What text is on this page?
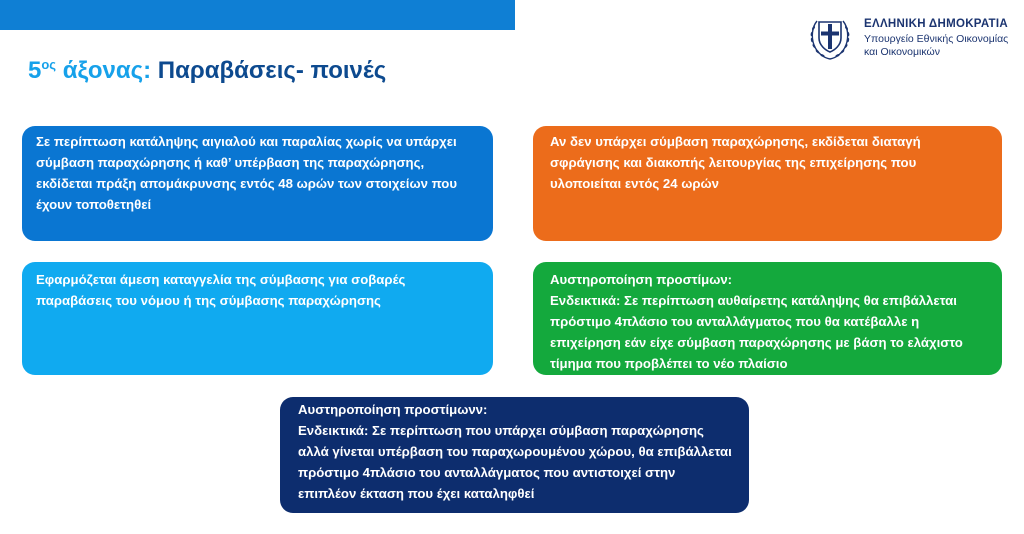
$5^{o\varsigma}$ άξονας: Παραβάσεις- ποινές
ΕΛΛΗΝΙΚΗ ΔΗΜΟΚΡΑΤΙΑ
Υπουργείο Εθνικής Οικονομίας και Οικονομικών

Σε περίπτωση κατάληψης αιγιαλού και παραλίας χωρίς να υπάρχει σύμβαση παραχώρησης ή καθ’ υπέρβαση της παραχώρησης, εκδίδεται πράξη απομάκρυνσης εντός 48 ωρών των στοιχείων που έχουν τοποθετηθεί

Αν δεν υπάρχει σύμβαση παραχώρησης, εκδίδεται διαταγή σφράγισης και διακοπής λειτουργίας της επιχείρησης που υλοποιείται εντός 24 ωρών

Εφαρμόζεται άμεση καταγγελία της σύμβασης για σοβαρές παραβάσεις του νόμου ή της σύμβασης παραχώρησης

Αυστηροποίηση προστίμων:

Ενδεικτικά: Σε περίπτωση αυθαίρετης κατάληψης θα επιβάλλεται πρόστιμο 4πλάσιο του ανταλλάγματος που θα κατέβαλλε η επιχείρηση εάν είχε σύμβαση παραχώρησης με βάση το ελάχιστο τίμημα που προβλέπει το νέο πλαίσιο

Αυστηροποίηση προστίμωνν:

Ενδεικτικά: Σε περίπτωση που υπάρχει σύμβαση παραχώρησης αλλά γίνεται υπέρβαση του παραχωρουμένου χώρου, θα επιβάλλεται πρόστιμο 4πλάσιο του ανταλλάγματος που αντιστοιχεί στην επιπλέον έκταση που έχει καταληφθεί
